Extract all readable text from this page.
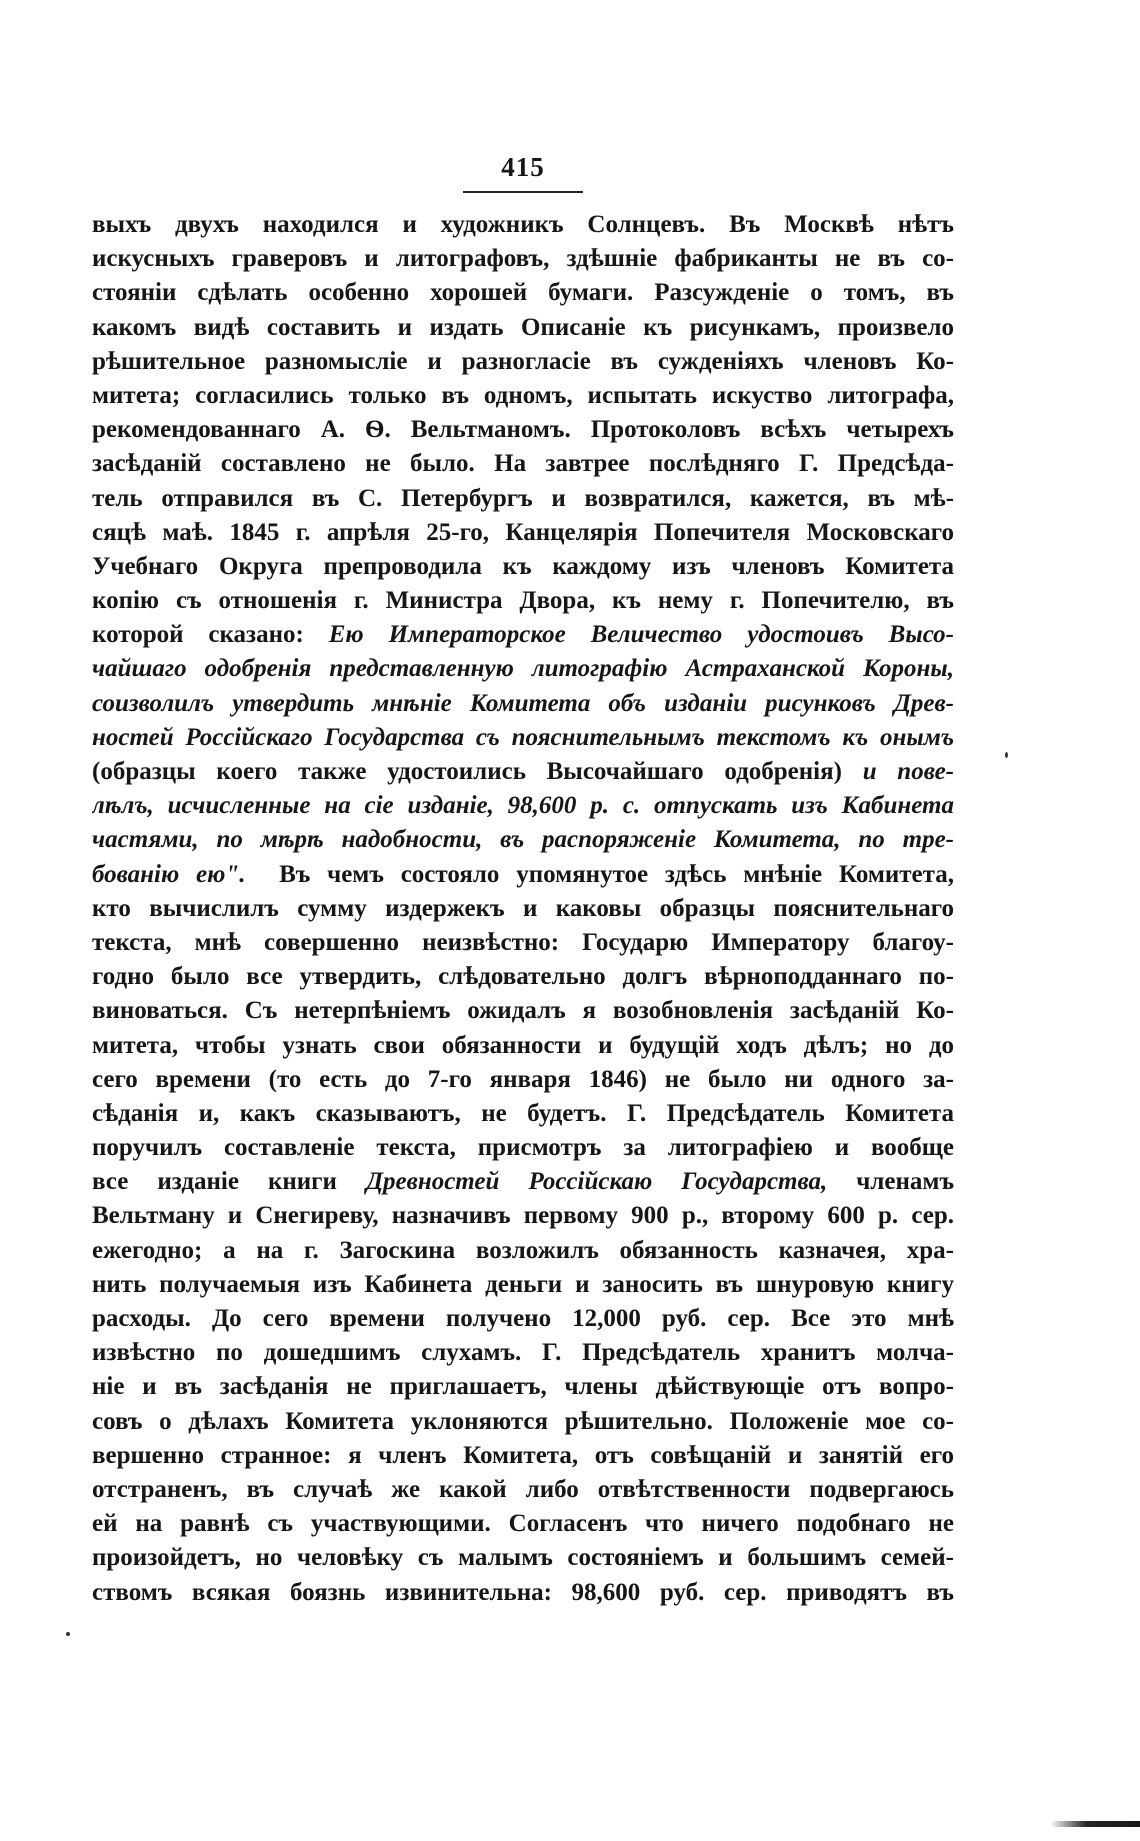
415
выхъ двухъ находился и художникъ Солнцевъ. Въ Москвѣ нѣтъ
искусныхъ граверовъ и литографовъ, здѣшніе фабриканты не въ со-
стояніи сдѣлать особенно хорошей бумаги. Разсужденіе о томъ, въ
какомъ видѣ составить и издать Описаніе къ рисункамъ, произвело
рѣшительное разномысліе и разногласіе въ сужденіяхъ членовъ Ко-
митета; согласились только въ одномъ, испытать искуство литографа,
рекомендованнаго А. Ѳ. Вельтманомъ. Протоколовъ всѣхъ четырехъ
засѣданій составлено не было. На завтрее послѣдняго Г. Предсѣда-
тель отправился въ С. Петербургъ и возвратился, кажется, въ мѣ-
сяцѣ маѣ. 1845 г. апрѣля 25-го, Канцелярія Попечителя Московскаго
Учебнаго Округа препроводила къ каждому изъ членовъ Комитета
копію съ отношенія г. Министра Двора, къ нему г. Попечителю, въ
которой сказано: Ею Императорское Величество удостоивъ Высо-
чайшаго одобренія представленную литографію Астраханской Короны,
соизволилъ утвердить мнѣніе Комитета объ изданіи рисунковъ Древ-
ностей Россійскаго Государства съ пояснительнымъ текстомъ къ онымъ
(образцы коего также удостоились Высочайшаго одобренія) и пове-
лѣлъ, исчисленные на сіе изданіе, 98,600 р. с. отпускать изъ Кабинета
частями, по мѣрѣ надобности, въ распоряженіе Комитета, по тре-
бованію ею". Въ чемъ состояло упомянутое здѣсь мнѣніе Комитета,
кто вычислилъ сумму издержекъ и каковы образцы пояснительнаго
текста, мнѣ совершенно неизвѣстно: Государю Императору благоу-
годно было все утвердить, слѣдовательно долгъ вѣрноподданнаго по-
виноваться. Съ нетерпѣніемъ ожидалъ я возобновленія засѣданій Ко-
митета, чтобы узнать свои обязанности и будущій ходъ дѣлъ; но до
сего времени (то есть до 7-го января 1846) не было ни одного за-
сѣданія и, какъ сказываютъ, не будетъ. Г. Предсѣдатель Комитета
поручилъ составленіе текста, присмотръ за литографіею и вообще
все изданіе книги Древностей Россійскаю Государства, членамъ
Вельтману и Снегиреву, назначивъ первому 900 р., второму 600 р. сер.
ежегодно; а на г. Загоскина возложилъ обязанность казначея, хра-
нить получаемыя изъ Кабинета деньги и заносить въ шнуровую книгу
расходы. До сего времени получено 12,000 руб. сер. Все это мнѣ
извѣстно по дошедшимъ слухамъ. Г. Предсѣдатель хранитъ молча-
ніе и въ засѣданія не приглашаетъ, члены дѣйствующіе отъ вопро-
совъ о дѣлахъ Комитета уклоняются рѣшительно. Положеніе мое со-
вершенно странное: я членъ Комитета, отъ совѣщаній и занятій его
отстраненъ, въ случаѣ же какой либо отвѣтственности подвергаюсь
ей на равнѣ съ участвующими. Согласенъ что ничего подобнаго не
произойдетъ, но человѣку съ малымъ состояніемъ и большимъ семей-
ствомъ всякая боязнь извинительна: 98,600 руб. сер. приводятъ въ
